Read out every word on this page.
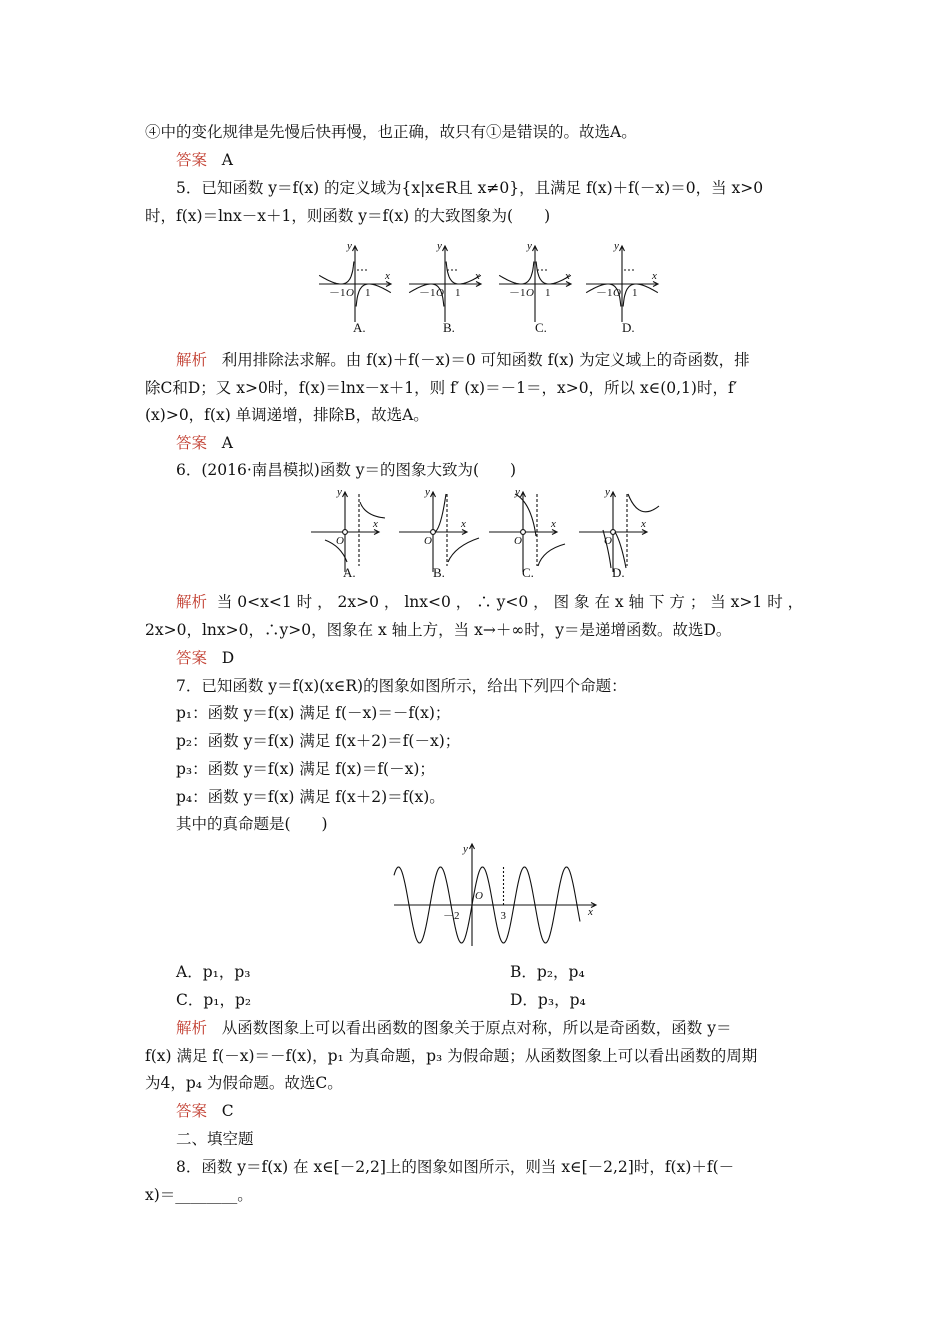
④中的变化规律是先慢后快再慢，也正确，故只有①是错误的。故选A。
答案 A
5．已知函数 y＝f(x) 的定义域为{x|x∈R且 x≠0}，且满足 f(x)＋f(－x)＝0，当 x>0
时，f(x)＝lnx－x＋1，则函数 y＝f(x) 的大致图象为(　　)
y
x
O
－1 1
y
x
O
－1 1
y
x
O
－1 1
y
x
O
－1 1
A.	B.	C.	D.
解析 利用排除法求解。由 f(x)＋f(－x)＝0 可知函数 f(x) 为定义域上的奇函数，排
除C和D；又 x>0时，f(x)＝lnx－x＋1，则 f′ (x)＝－1＝，x>0，所以 x∈(0,1)时，f′
(x)>0，f(x) 单调递增，排除B，故选A。
答案 A
6．(2016·南昌模拟)函数 y＝的图象大致为(　　)
y
x
O
y
x
O
y
x
O
y
x
O
A.	B.	C.	D.
解析 当 0<x<1 时 ， 2x>0 ， lnx<0 ， ∴ y<0 ， 图 象 在 x 轴 下 方 ； 当 x>1 时 ，
2x>0，lnx>0，∴y>0，图象在 x 轴上方，当 x→＋∞时，y＝是递增函数。故选D。
答案 D
7．已知函数 y＝f(x)(x∈R)的图象如图所示，给出下列四个命题：
p₁：函数 y＝f(x) 满足 f(－x)＝－f(x)；
p₂：函数 y＝f(x) 满足 f(x＋2)＝f(－x)；
p₃：函数 y＝f(x) 满足 f(x)＝f(－x)；
p₄：函数 y＝f(x) 满足 f(x＋2)＝f(x)。
其中的真命题是(　　)
y
x
O
－2	3
A．p₁，p₃	B．p₂，p₄
C．p₁，p₂	D．p₃，p₄
解析 从函数图象上可以看出函数的图象关于原点对称，所以是奇函数，函数 y＝
f(x) 满足 f(－x)＝－f(x)，p₁ 为真命题，p₃ 为假命题；从函数图象上可以看出函数的周期
为4，p₄ 为假命题。故选C。
答案 C
二、填空题
8．函数 y＝f(x) 在 x∈[－2,2]上的图象如图所示，则当 x∈[－2,2]时，f(x)＋f(－
x)＝________。
